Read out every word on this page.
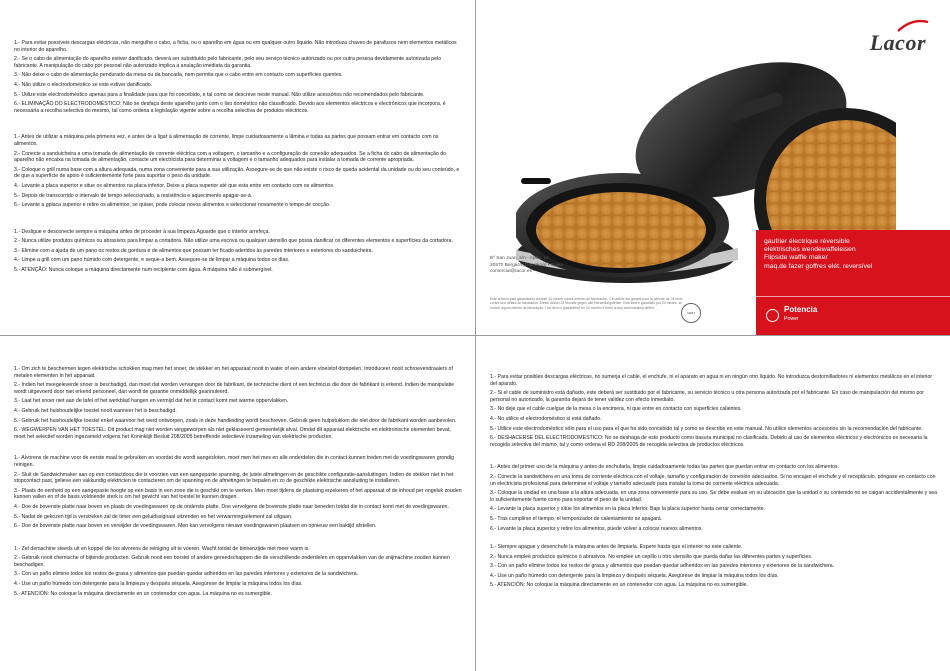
1.- Para evitar possíveis descargas eléctricas, não mergulhe o cabo, a ficha, ou o aparelho em água ou em qualquer outro líquido. Não introduza chaves de parafusos nem elementos metálicos no interior do aparelho.

2.- Se o cabo de alimentação do aparelho estiver danificado, deverá ser substituído pelo fabricante, pelo seu serviço técnico autorizado ou por outra pessoa devidamente autorizada pelo fabricante. A manipulação do cabo por pessoal não autorizado implica a anulação imediata da garantia.

3.- Não deixe o cabo de alimentação pendurado da mesa ou da bancada, nem permita que o cabo entre em contacto com superfícies quentes.

4.- Não utilize o electrodoméstico se este estiver danificado.

5.- Utilize este electrodoméstico apenas para a finalidade para que foi concebido, e tal como se descreve neste manual. Não utilize acessórios não recomendados pelo fabricante.

6.- ELIMINAÇÃO DO ELECTRODOMÉSTICO: Não se desfaça deste aparelho junto com o lixo doméstico não classificado. Devido aos elementos eléctricos e electrónicos que incorpora, é necessária a recolha selectiva do mesmo, tal como ordena a legislação vigente sobre a recolha selectiva de produtos eléctricos.

1.- Antes de utilizar a máquina pela primeira vez, e antes de a ligar à alimentação de corrente, limpe cuidadosamente a lâmina e todas as partes que possam entrar em contacto com os alimentos.

2.- Conecte a sanduicheira a uma tomada de alimentação de corrente eléctrica com a voltagem, o tamanho e a configuração de conexão adequados. Se a ficha do cabo de alimentação do aparelho não encaixa na tomada de alimentação, contacte um electricista para determinar a voltagem e o tamanho adequados para instalar a tomada de corrente apropriada.

3.- Coloque o grill numa base com a altura adequada, numa zona conveniente para a sua utilização. Assegure-se de que não existe o risco de queda acidental da unidade ou do seu conteúdo, e de que a superfície de apoio é suficientemente forte para suportar o peso da unidade.

4.- Levante a placa superior e situe os alimentos na placa inferior. Deixe a placa superior até que esta entre em contacto com os alimentos.

5.- Depois de transcorrido o intervalo de tempo seleccionado, a resistência e aquecimento apagar-se-á.

6.- Levante a gplaca superior e retire os alimentos; se quiser, pode colocar novos alimentos e seleccionar novamente o tempo de cocção.

1.- Desligue e desconecte sempre a máquina antes de proceder à sua limpeza.Aguarde que o interior arrefeça.

2.- Nunca utilize produtos químicos ou abrasivos para limpar a cortadora. Não utilize uma escova ou qualquer utensílio que possa danificar os diferentes elementos e superfícies da cortadora.

3.- Elimine com a ajuda de um pano os restos de gordura e de alimentos que possam ter ficado aderidos às paredes interiores e exteriores do sanduicheira.

4.- Limpe a grill com um pano húmido com detergente, e seque-a bem. Assegure-se de limpar a máquina todos os dias.

5.- ATENÇÃO: Nunca coloque a máquina directamente num recipiente com água. A máquina não é submergível.

1.- Om zich te beschermen tegen elektrische schokken mag men het snoer, de stekker en het apparaat nooit in water of een andere vloeistof dompelen. Introduceer nooit schroevendraaiers of metalen elementen in het apparaat.

2.- Indien het meegeleverde snoer is beschadigd, dan moet dat worden vervangen door de fabrikant, de technische dient of een technicus die door de fabrikant is erkend. Indien de manipulatie wordt uitgevoerd door niet erkend personeel, dan wordt de garantie onmiddellijk geannuleerd.

3.- Laat het snoer niet aan de tafel of het werkblad hangen en vermijd dat het in contact komt met warme oppervlakken.

4.- Gebruik het huishoudelijke toestel nooit wanneer het is beschadigd.

5.- Gebruik het huishoudelijke toestel enkel waarvoor het werd ontworpen, zoals in deze handleiding wordt beschreven. Gebruik geen hulpstukken die niet door de fabrikant worden aanbevolen.

6.- WEGWERPEN VAN HET TOESTEL: Dit product mag niet worden weggeworpen als niet geklasseerd gemeentelijk afval. Omdat dit apparaat elektrische en elektronische elementen bevat, moet het selectief worden ingezameld volgens het Koninklijk Besluit 208/2005 betreffende selectieve inzameling van elektrische producten.

1.- Alvorens de machine voor de eerste maal te gebruiken en voordat die wordt aangesloten, moet men het mes en alle onderdelen die in contact kunnen treden met de voedingswaren grondig reinigen.

2.- Sluit de Sandwichmaker aan op een contactdoos die is voorzien van een aangepaste spanning, de juiste afmetingen en de geschikte configuratie-aansluitingen. Indien de stekker niet in het stopcontact past, gelieve een vakkundig elektricien te contacteren om de spanning en de afmetingen te bepalen en zo de geschikte elektrische aansluiting te installeren.

3.- Plaats de eenheid op een aangepaste hoogte op een basis in een zone die is geschikt om te werken. Men moet tijdens de plaatsing erzekeren of het apparaat of de inhoud per ongeluk zouden kunnen vallen en of de basis voldoende sterk is om het gewicht van het toestel te kunnen dragen.

4.- Doe de bovenste platte naar boven en plaats de voedingswaren op de onderste platte. Doe vervolgens de bovenste platte naar beneden totdat die in contact komt met de voedingswaren.

5.- Nadat de gekozen tijd is verstreken zal de timer een geluidssignaal uitzenden en het verwarmingselement zal uitgaan.

6.- Doe de bovenste platte naar boven en verwijder de voedingswaren. Men kan vervolgens nieuwe voedingswaren plaatsen en opnieuw een baktijd afstellen.

1.- Zet demachine steeds uit en koppel die los alvorens de reiniging uit te voeren. Wacht totdat de binnenzijde niet meer warm is.

2.- Gebruik nooit chemische of bijtende producten. Gebruik nooit een borstel of andere gereedschappen die de verschillende onderdelen en oppervlakken van de snijmachine zouden kunnen beschadigen.

3.- Con un paño elimine todos los restos de grasa y alimentos que puedan quedar adheridos en las paredes interiores y exteriores de la sandwichera.

4.- Use un paño húmedo con detergente para la limpieza y después séquela. Asegúrese de limpiar la máquina todos los días.

5.- ATENCIÓN: No coloque la máquina directamente en un contenedor con agua. La máquina no es sumergible.

1.- Para evitar posibles descargas eléctricas, no sumerja el cable, el enchufe, ni el aparato en agua ni en ningún otro líquido. No introduzca destornilladores ni elementos metálicos en el interior del aparato.

2.- Si el cable de suministro está dañado, este deberá ser sustituido por el fabricante, su servicio técnico u otra persona autorizada por el fabricante. En caso de manipulación del mismo por personal no autorizado, la garantía dejará de tener validez con efecto inmediato.

3.- No deje que el cable cuelgue de la mesa o la encimera, ni que entre en contacto con superficies calientes.

4.- No utilice el electrodoméstico si está dañado.

5.- Utilice este electrodoméstico sólo para el uso para el que ha sido concebido tal y como se describe en este manual. No utilice elementos accesorios sin la recomendación del fabricante.

6.- DESHACERSE DEL ELECTRODOMESTICO: No se deshaga de este producto como basura municipal no clasificada. Debido al uso de elementos eléctricos y electrónicos es necesaria la recogida selectiva del mismo, tal y como ordena el RD 208/2005 de recogida selectiva de productos eléctricos.

1.- Antes del primer uso de la máquina y antes de enchufarla, limpie cuidadosamente todas las partes que puedan entrar en contacto con los alimentos.

2.- Conecte la sandwichera en una toma de corriente eléctrica con el voltaje, tamaño y configuración de conexión adecuados. Si no encajan el enchufe y el receptáculo, póngase en contacto con un electricista profesional para determinar el voltaje y tamaño adecuado para instalar la toma de corriente eléctrica adecuada.

3.- Coloque la unidad en una base a la altura adecuada, en una zona conveniente para su uso. Se debe evaluar en su ubicación que la unidad o su contenido no se caigan accidentalmente y sea lo suficientemente fuerte como para soportar el peso de la unidad.

4.- Levante la placa superior y sitúe los alimentos en la placa inferior. Baje la placa superior hasta cerrar correctamente.

5.- Tras cumplirse el tiempo, el temporizador de calentamiento se apagará.

6.- Levante la placa superior y retire los alimentos, puede volver a colocar nuevos alimentos.

1.- Siempre apague y desenchufe la máquina antes de limpiarla. Espere hasta que el interior no este caliente.

2.- Nunca empleé productos químicos ó abrasivos. No emplee un cepillo u otro utensilio que pueda dañar las diferentes partes y superficies.

3.- Con un paño elimine todos los restos de grasa y alimentos que puedan quedar adheridos en las paredes interiores y exteriores de la sandwichera.

4.- Use un paño húmedo con detergente para la limpieza y después séquela. Asegúrese de limpiar la máquina todos los días.

5.- ATENCIÓN: No coloque la máquina directamente en un contenedor con agua. La máquina no es sumergible.

Lacor
Bº San Juan, s/n - Apdo. 18
20570 Bergara (Gipuzkoa) • Spain
comercial@lacor.es •
Este artículo está garantizado durante 24 meses contra defecto de fabricación. Cet article est garanti pour la période de 24 mois contre tout défaut de fabrication. Dieser Artikel 24 Monate gegen alle Herstellungsfehler. Este item é garantido por 24 meses, se houver algum defeito de fabricação. This item is guaranteed for 24 months if there is any workmanship defect.
CERT
gaufrier électrique réversible
elektrisches wendewaffeleisen
Flipside waffle maker
maq.de fazer goffres elét. reversível
Potencia
Power
